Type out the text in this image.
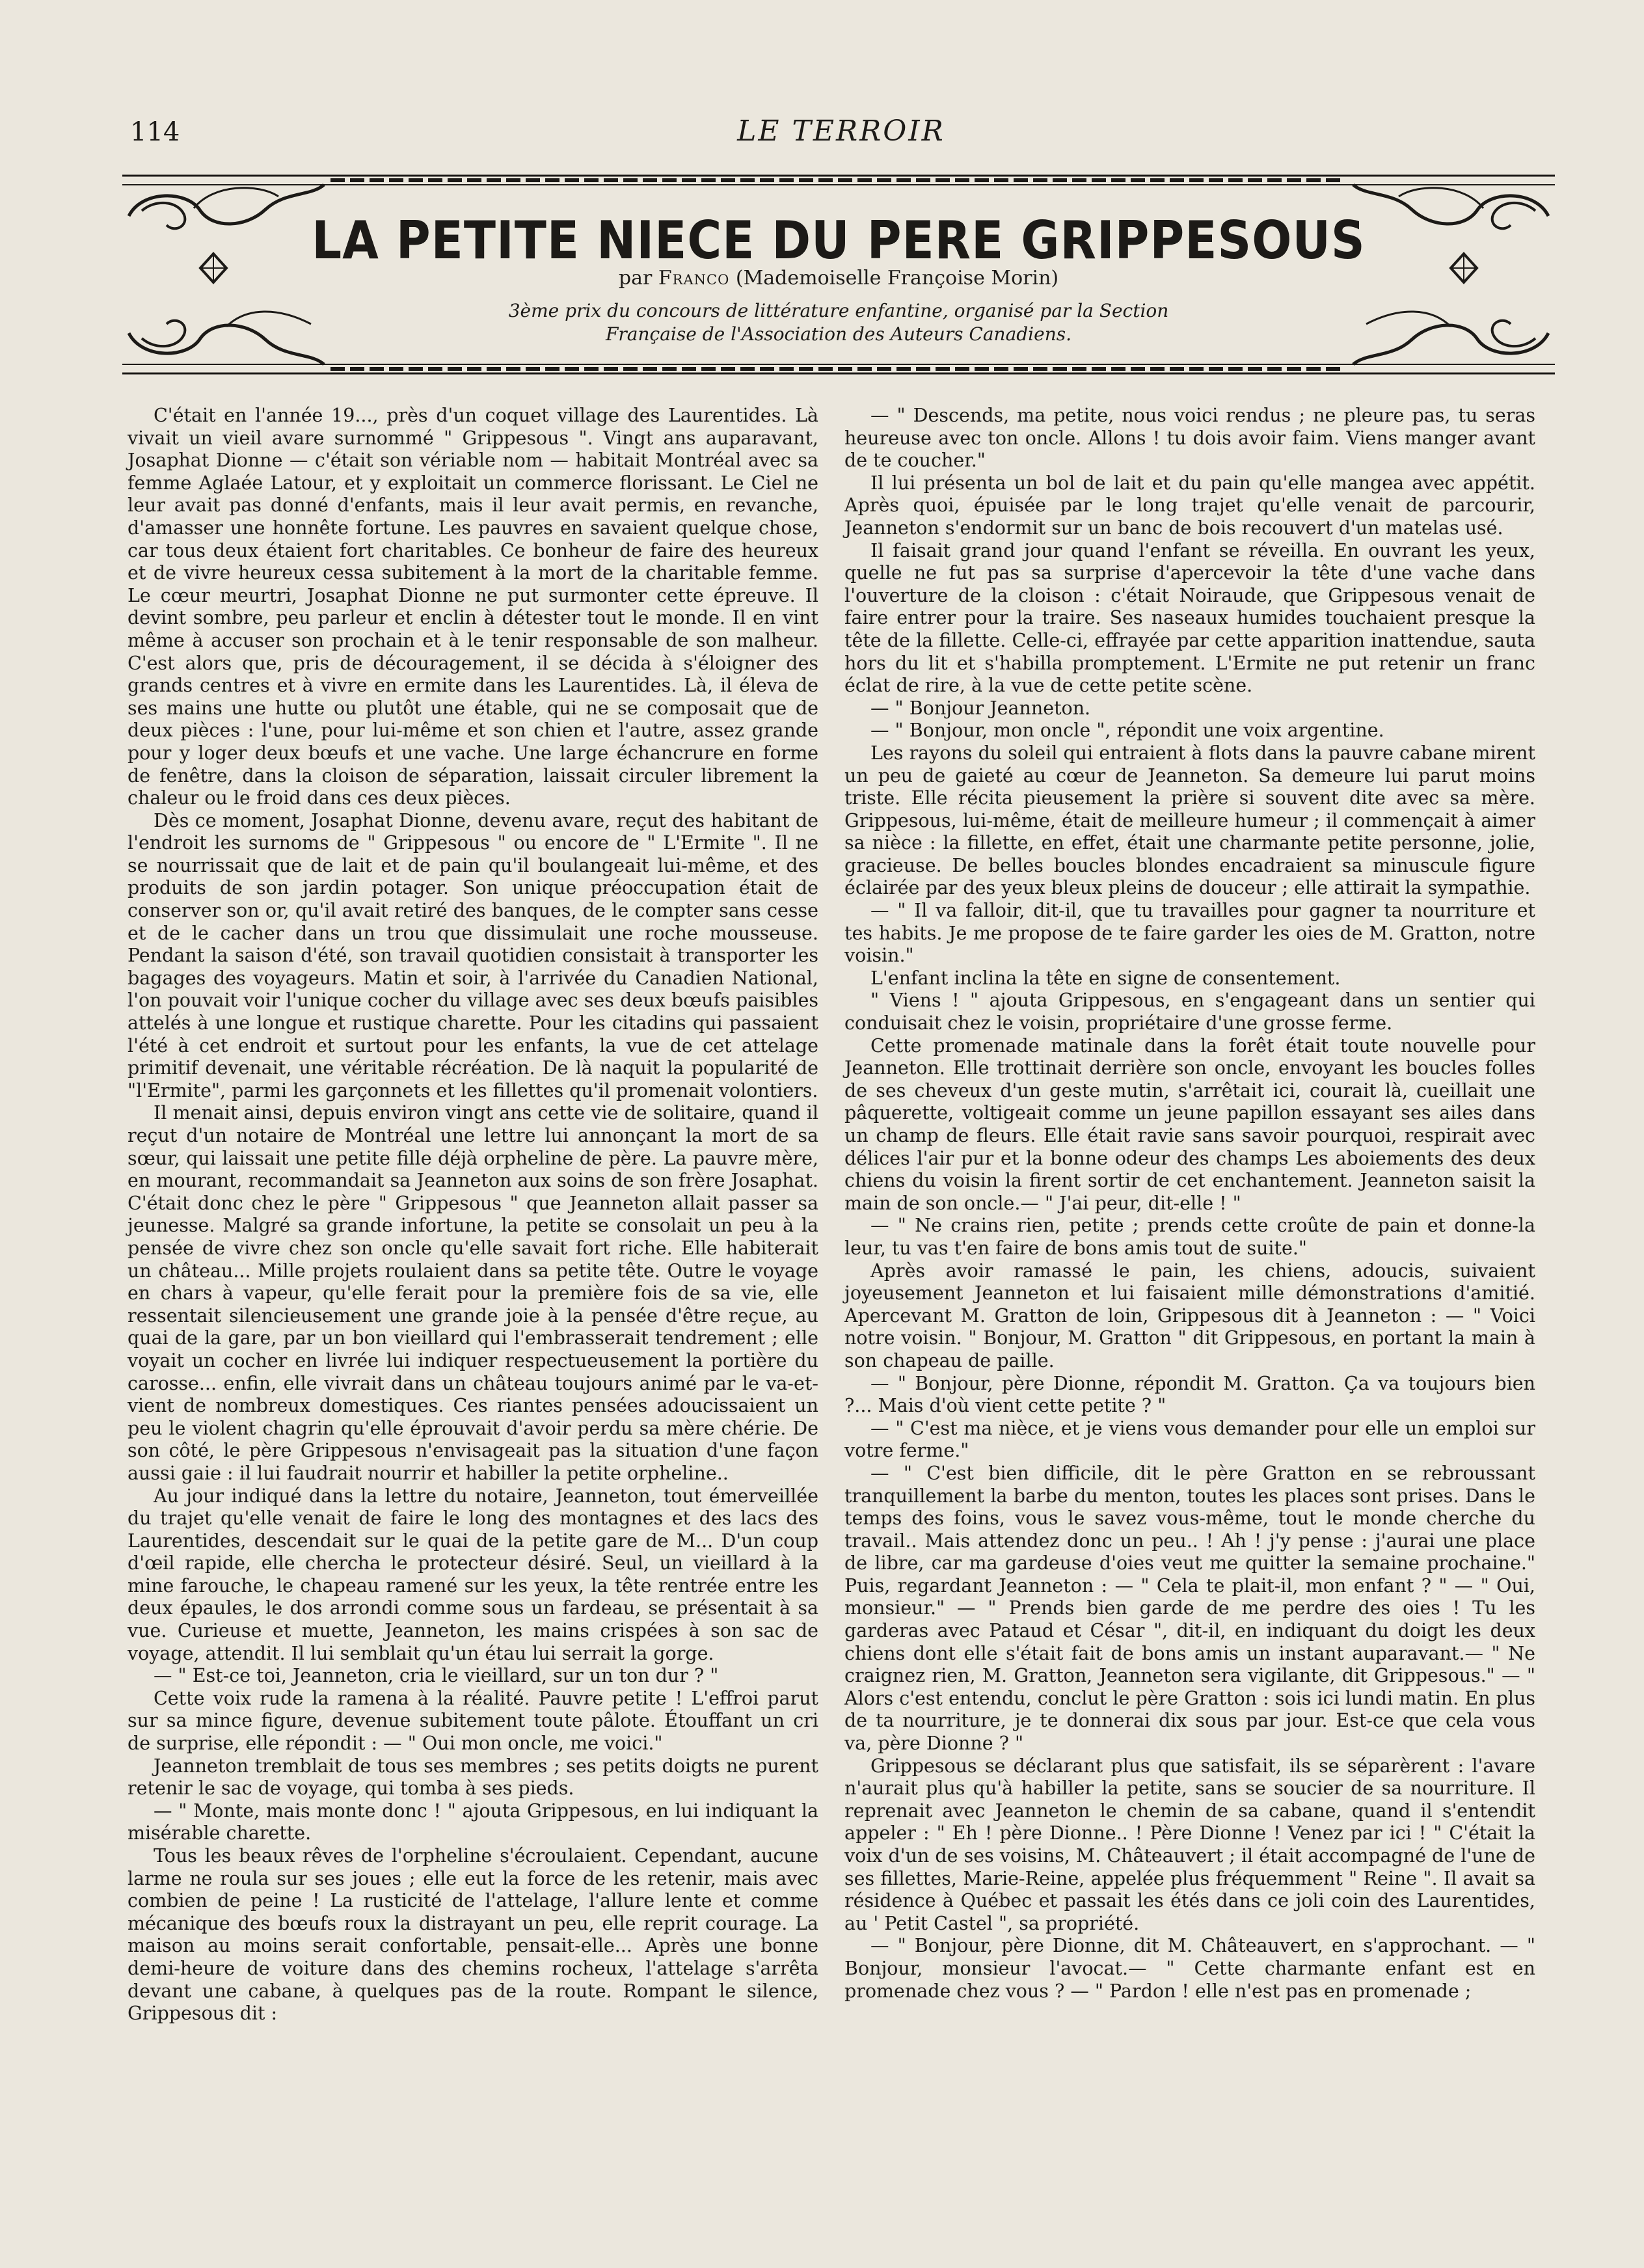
114	LE TERROIR
LA PETITE NIECE DU PERE GRIPPESOUS
par Franco (Mademoiselle Françoise Morin)
3ème prix du concours de littérature enfantine, organisé par la Section
Française de l'Association des Auteurs Canadiens.

C'était en l'année 19..., près d'un coquet village des Laurentides. Là vivait un vieil avare surnommé " Grippesous ". Vingt ans auparavant, Josaphat Dionne — c'était son vériable nom — habitait Montréal avec sa femme Aglaée Latour, et y exploitait un commerce florissant. Le Ciel ne leur avait pas donné d'enfants, mais il leur avait permis, en revanche, d'amasser une honnête fortune. Les pauvres en savaient quelque chose, car tous deux étaient fort charitables. Ce bonheur de faire des heureux et de vivre heureux cessa subitement à la mort de la charitable femme. Le cœur meurtri, Josaphat Dionne ne put surmonter cette épreuve. Il devint sombre, peu parleur et enclin à détester tout le monde. Il en vint même à accuser son prochain et à le tenir responsable de son malheur. C'est alors que, pris de découragement, il se décida à s'éloigner des grands centres et à vivre en ermite dans les Laurentides. Là, il éleva de ses mains une hutte ou plutôt une étable, qui ne se composait que de deux pièces : l'une, pour lui-même et son chien et l'autre, assez grande pour y loger deux bœufs et une vache. Une large échancrure en forme de fenêtre, dans la cloison de séparation, laissait circuler librement la chaleur ou le froid dans ces deux pièces.

Dès ce moment, Josaphat Dionne, devenu avare, reçut des habitant de l'endroit les surnoms de " Grippesous " ou encore de " L'Ermite ". Il ne se nourrissait que de lait et de pain qu'il boulangeait lui-même, et des produits de son jardin potager. Son unique préoccupation était de conserver son or, qu'il avait retiré des banques, de le compter sans cesse et de le cacher dans un trou que dissimulait une roche mousseuse. Pendant la saison d'été, son travail quotidien consistait à transporter les bagages des voyageurs. Matin et soir, à l'arrivée du Canadien National, l'on pouvait voir l'unique cocher du village avec ses deux bœufs paisibles attelés à une longue et rustique charette. Pour les citadins qui passaient l'été à cet endroit et surtout pour les enfants, la vue de cet attelage primitif devenait, une véritable récréation. De là naquit la popularité de "l'Ermite", parmi les garçonnets et les fillettes qu'il promenait volontiers.

Il menait ainsi, depuis environ vingt ans cette vie de solitaire, quand il reçut d'un notaire de Montréal une lettre lui annonçant la mort de sa sœur, qui laissait une petite fille déjà orpheline de père. La pauvre mère, en mourant, recommandait sa Jeanneton aux soins de son frère Josaphat. C'était donc chez le père " Grippesous " que Jeanneton allait passer sa jeunesse. Malgré sa grande infortune, la petite se consolait un peu à la pensée de vivre chez son oncle qu'elle savait fort riche. Elle habiterait un château... Mille projets roulaient dans sa petite tête. Outre le voyage en chars à vapeur, qu'elle ferait pour la première fois de sa vie, elle ressentait silencieusement une grande joie à la pensée d'être reçue, au quai de la gare, par un bon vieillard qui l'embrasserait tendrement ; elle voyait un cocher en livrée lui indiquer respectueusement la portière du carosse... enfin, elle vivrait dans un château toujours animé par le va-et-vient de nombreux domestiques. Ces riantes pensées adoucissaient un peu le violent chagrin qu'elle éprouvait d'avoir perdu sa mère chérie. De son côté, le père Grippesous n'envisageait pas la situation d'une façon aussi gaie : il lui faudrait nourrir et habiller la petite orpheline..

Au jour indiqué dans la lettre du notaire, Jeanneton, tout émerveillée du trajet qu'elle venait de faire le long des montagnes et des lacs des Laurentides, descendait sur le quai de la petite gare de M... D'un coup d'œil rapide, elle chercha le protecteur désiré. Seul, un vieillard à la mine farouche, le chapeau ramené sur les yeux, la tête rentrée entre les deux épaules, le dos arrondi comme sous un fardeau, se présentait à sa vue. Curieuse et muette, Jeanneton, les mains crispées à son sac de voyage, attendit. Il lui semblait qu'un étau lui serrait la gorge.

— " Est-ce toi, Jeanneton, cria le vieillard, sur un ton dur ? "

Cette voix rude la ramena à la réalité. Pauvre petite ! L'effroi parut sur sa mince figure, devenue subitement toute pâlote. Étouffant un cri de surprise, elle répondit : — " Oui mon oncle, me voici."

Jeanneton tremblait de tous ses membres ; ses petits doigts ne purent retenir le sac de voyage, qui tomba à ses pieds.

— " Monte, mais monte donc ! " ajouta Grippesous, en lui indiquant la misérable charette.

Tous les beaux rêves de l'orpheline s'écroulaient. Cependant, aucune larme ne roula sur ses joues ; elle eut la force de les retenir, mais avec combien de peine ! La rusticité de l'attelage, l'allure lente et comme mécanique des bœufs roux la distrayant un peu, elle reprit courage. La maison au moins serait confortable, pensait-elle... Après une bonne demi-heure de voiture dans des chemins rocheux, l'attelage s'arrêta devant une cabane, à quelques pas de la route. Rompant le silence, Grippesous dit :

— " Descends, ma petite, nous voici rendus ; ne pleure pas, tu seras heureuse avec ton oncle. Allons ! tu dois avoir faim. Viens manger avant de te coucher."

Il lui présenta un bol de lait et du pain qu'elle mangea avec appétit. Après quoi, épuisée par le long trajet qu'elle venait de parcourir, Jeanneton s'endormit sur un banc de bois recouvert d'un matelas usé.

Il faisait grand jour quand l'enfant se réveilla. En ouvrant les yeux, quelle ne fut pas sa surprise d'apercevoir la tête d'une vache dans l'ouverture de la cloison : c'était Noiraude, que Grippesous venait de faire entrer pour la traire. Ses naseaux humides touchaient presque la tête de la fillette. Celle-ci, effrayée par cette apparition inattendue, sauta hors du lit et s'habilla promptement. L'Ermite ne put retenir un franc éclat de rire, à la vue de cette petite scène.

— " Bonjour Jeanneton.

— " Bonjour, mon oncle ", répondit une voix argentine.

Les rayons du soleil qui entraient à flots dans la pauvre cabane mirent un peu de gaieté au cœur de Jeanneton. Sa demeure lui parut moins triste. Elle récita pieusement la prière si souvent dite avec sa mère. Grippesous, lui-même, était de meilleure humeur ; il commençait à aimer sa nièce : la fillette, en effet, était une charmante petite personne, jolie, gracieuse. De belles boucles blondes encadraient sa minuscule figure éclairée par des yeux bleux pleins de douceur ; elle attirait la sympathie.

— " Il va falloir, dit-il, que tu travailles pour gagner ta nourriture et tes habits. Je me propose de te faire garder les oies de M. Gratton, notre voisin."

L'enfant inclina la tête en signe de consentement.

" Viens ! " ajouta Grippesous, en s'engageant dans un sentier qui conduisait chez le voisin, propriétaire d'une grosse ferme.

Cette promenade matinale dans la forêt était toute nouvelle pour Jeanneton. Elle trottinait derrière son oncle, envoyant les boucles folles de ses cheveux d'un geste mutin, s'arrêtait ici, courait là, cueillait une pâquerette, voltigeait comme un jeune papillon essayant ses ailes dans un champ de fleurs. Elle était ravie sans savoir pourquoi, respirait avec délices l'air pur et la bonne odeur des champs Les aboiements des deux chiens du voisin la firent sortir de cet enchantement. Jeanneton saisit la main de son oncle.— " J'ai peur, dit-elle ! "

— " Ne crains rien, petite ; prends cette croûte de pain et donne-la leur, tu vas t'en faire de bons amis tout de suite."

Après avoir ramassé le pain, les chiens, adoucis, suivaient joyeusement Jeanneton et lui faisaient mille démonstrations d'amitié. Apercevant M. Gratton de loin, Grippesous dit à Jeanneton : — " Voici notre voisin. " Bonjour, M. Gratton " dit Grippesous, en portant la main à son chapeau de paille.

— " Bonjour, père Dionne, répondit M. Gratton. Ça va toujours bien ?... Mais d'où vient cette petite ? "

— " C'est ma nièce, et je viens vous demander pour elle un emploi sur votre ferme."

— " C'est bien difficile, dit le père Gratton en se rebroussant tranquillement la barbe du menton, toutes les places sont prises. Dans le temps des foins, vous le savez vous-même, tout le monde cherche du travail.. Mais attendez donc un peu.. ! Ah ! j'y pense : j'aurai une place de libre, car ma gardeuse d'oies veut me quitter la semaine prochaine." Puis, regardant Jeanneton : — " Cela te plait-il, mon enfant ? " — " Oui, monsieur." — " Prends bien garde de me perdre des oies ! Tu les garderas avec Pataud et César ", dit-il, en indiquant du doigt les deux chiens dont elle s'était fait de bons amis un instant auparavant.— " Ne craignez rien, M. Gratton, Jeanneton sera vigilante, dit Grippesous." — " Alors c'est entendu, conclut le père Gratton : sois ici lundi matin. En plus de ta nourriture, je te donnerai dix sous par jour. Est-ce que cela vous va, père Dionne ? "

Grippesous se déclarant plus que satisfait, ils se séparèrent : l'avare n'aurait plus qu'à habiller la petite, sans se soucier de sa nourriture. Il reprenait avec Jeanneton le chemin de sa cabane, quand il s'entendit appeler : " Eh ! père Dionne.. ! Père Dionne ! Venez par ici ! " C'était la voix d'un de ses voisins, M. Châteauvert ; il était accompagné de l'une de ses fillettes, Marie-Reine, appelée plus fréquemment " Reine ". Il avait sa résidence à Québec et passait les étés dans ce joli coin des Laurentides, au ' Petit Castel ", sa propriété.

— " Bonjour, père Dionne, dit M. Châteauvert, en s'approchant. — " Bonjour, monsieur l'avocat.— " Cette charmante enfant est en promenade chez vous ? — " Pardon ! elle n'est pas en promenade ;
